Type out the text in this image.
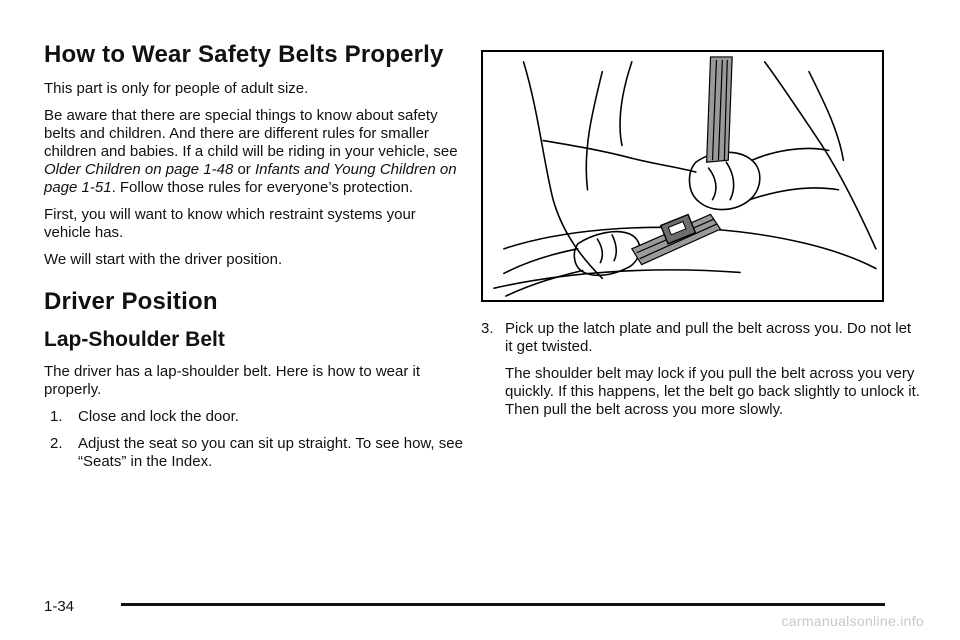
How to Wear Safety Belts Properly

This part is only for people of adult size.

Be aware that there are special things to know about safety belts and children. And there are different rules for smaller children and babies. If a child will be riding in your vehicle, see Older Children on page 1-48 or Infants and Young Children on page 1-51. Follow those rules for everyone’s protection.

First, you will want to know which restraint systems your vehicle has.

We will start with the driver position.

Driver Position
Lap-Shoulder Belt

The driver has a lap-shoulder belt. Here is how to wear it properly.

1. Close and lock the door.
2. Adjust the seat so you can sit up straight. To see how, see “Seats” in the Index.
3. Pick up the latch plate and pull the belt across you. Do not let it get twisted.

The shoulder belt may lock if you pull the belt across you very quickly. If this happens, let the belt go back slightly to unlock it. Then pull the belt across you more slowly.

1-34
carmanualsonline.info
